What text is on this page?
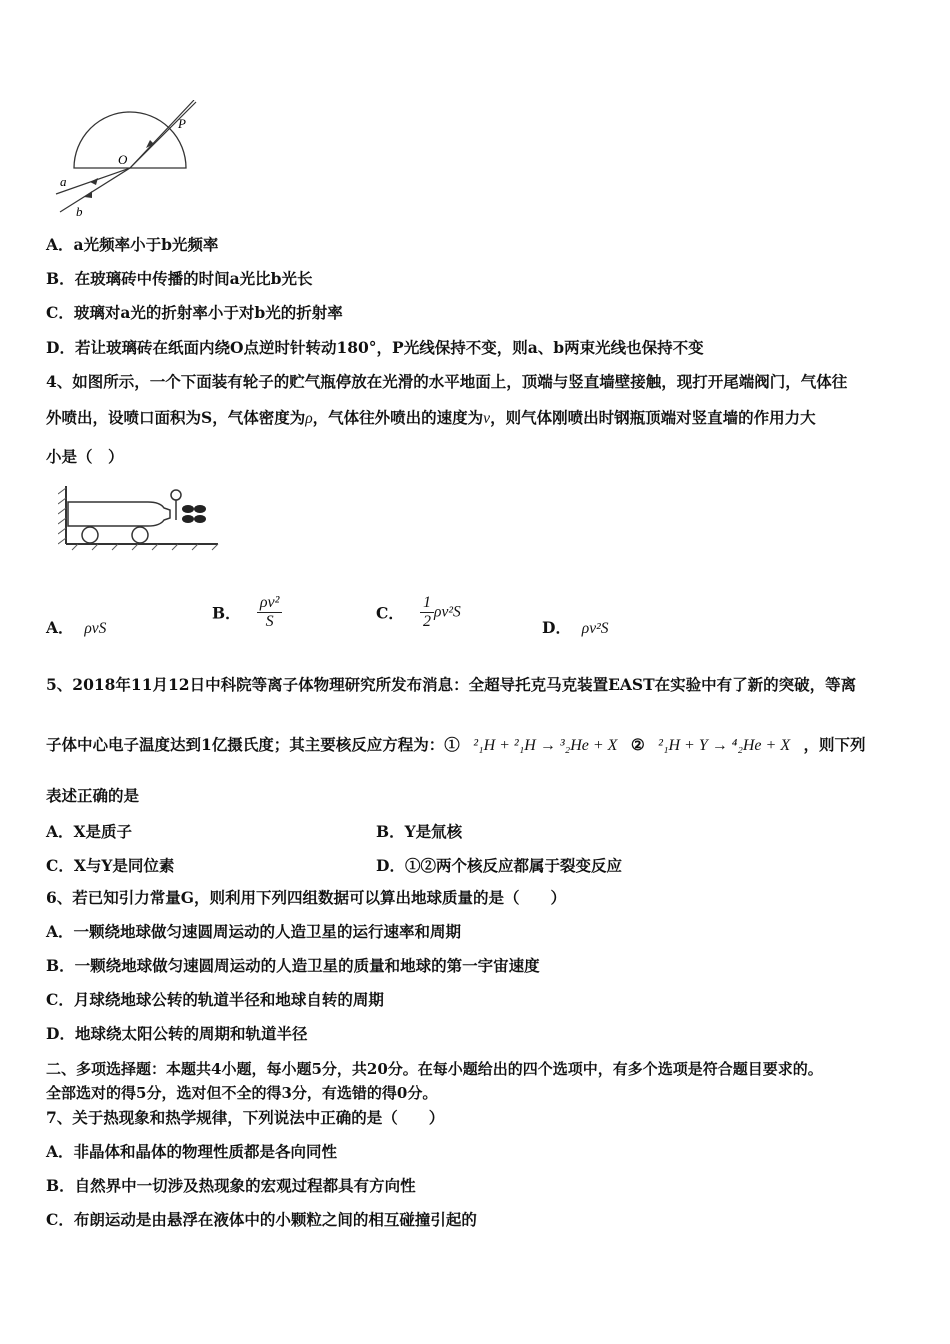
P
O
a
b
A．a光频率小于b光频率
B．在玻璃砖中传播的时间a光比b光长
C．玻璃对a光的折射率小于对b光的折射率
D．若让玻璃砖在纸面内绕O点逆时针转动180°，P光线保持不变，则a、b两束光线也保持不变
4、如图所示，一个下面装有轮子的贮气瓶停放在光滑的水平地面上，顶端与竖直墙壁接触，现打开尾端阀门，气体往
外喷出，设喷口面积为S，气体密度为ρ，气体往外喷出的速度为v，则气体刚喷出时钢瓶顶端对竖直墙的作用力大
小是（　）
A． ρvS
B． $\frac{\text{ρv²}}{S}$	C． $\frac{1}{2} \rho v^2S$
D． ρv²S
5、2018年11月12日中科院等离子体物理研究所发布消息：全超导托克马克装置EAST在实验中有了新的突破，等离
子体中心电子温度达到1亿摄氏度；其主要核反应方程为：① ²₁H + ²₁H → ³₂He + X ② ²₁H + Y → ⁴₂He + X ，则下列
表述正确的是
A．X是质子	B．Y是氚核
C．X与Y是同位素	D．①②两个核反应都属于裂变反应
6、若已知引力常量G，则利用下列四组数据可以算出地球质量的是（　　）
A．一颗绕地球做匀速圆周运动的人造卫星的运行速率和周期
B．一颗绕地球做匀速圆周运动的人造卫星的质量和地球的第一宇宙速度
C．月球绕地球公转的轨道半径和地球自转的周期
D．地球绕太阳公转的周期和轨道半径
二、多项选择题：本题共4小题，每小题5分，共20分。在每小题给出的四个选项中，有多个选项是符合题目要求的。
全部选对的得5分，选对但不全的得3分，有选错的得0分。
7、关于热现象和热学规律，下列说法中正确的是（　　）
A．非晶体和晶体的物理性质都是各向同性
B．自然界中一切涉及热现象的宏观过程都具有方向性
C．布朗运动是由悬浮在液体中的小颗粒之间的相互碰撞引起的
